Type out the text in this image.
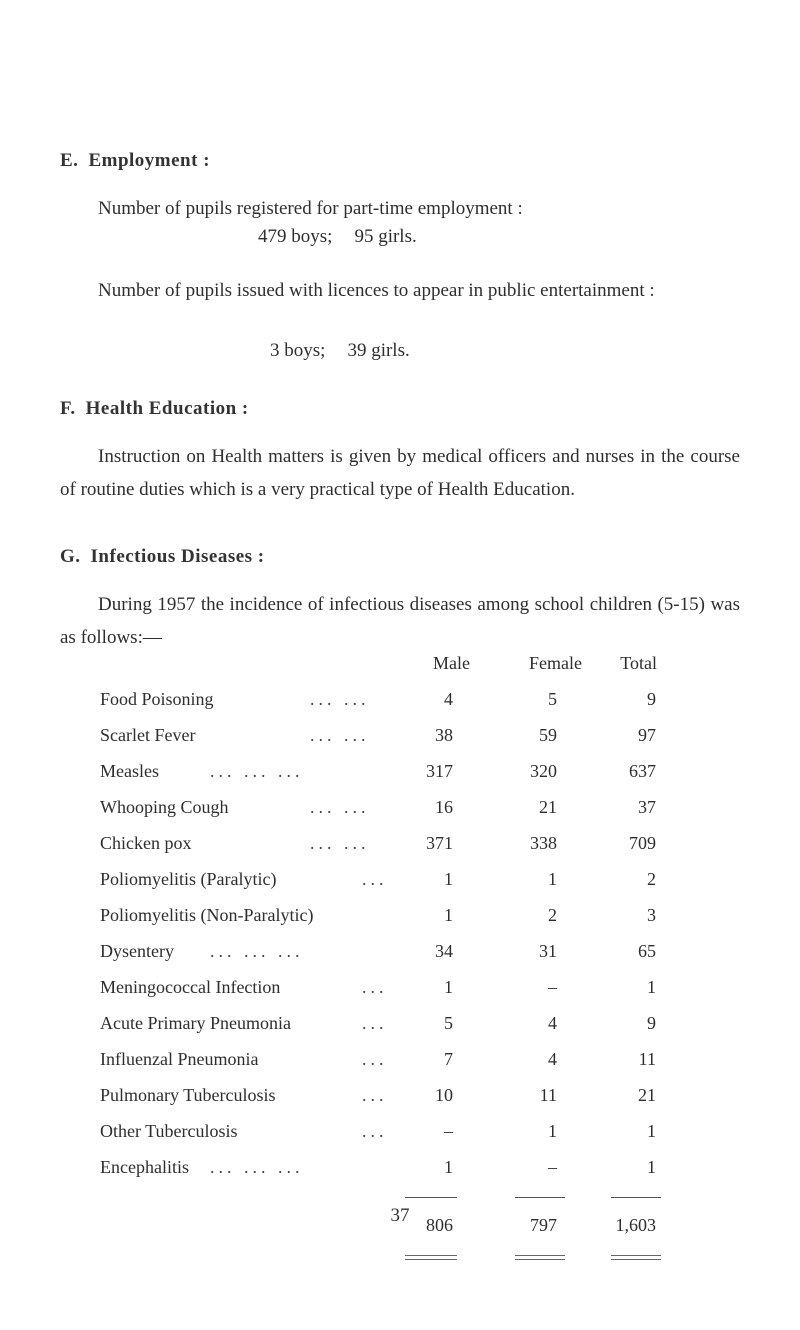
E. Employment :
Number of pupils registered for part-time employment :
479 boys; 95 girls.
Number of pupils issued with licences to appear in public entertainment :
3 boys; 39 girls.
F. Health Education :
Instruction on Health matters is given by medical officers and nurses in the course of routine duties which is a very practical type of Health Education.
G. Infectious Diseases :
During 1957 the incidence of infectious diseases among school children (5-15) was as follows:—
Male	Female Total
Food Poisoning	... ...	4	5	9
Scarlet Fever	... ...	38	59	97
Measles	... ... ...	317	320	637
Whooping Cough	... ...	16	21	37
Chicken pox	... ...	371	338	709
Poliomyelitis (Paralytic)	...	1	1	2
Poliomyelitis (Non-Paralytic)	1	2	3
Dysentery ... ... ...	34	31	65
Meningococcal Infection	...	1	–	1
Acute Primary Pneumonia	...	5	4	9
Influenzal Pneumonia	...	7	4	11
Pulmonary Tuberculosis	...	10	11	21
Other Tuberculosis	...	–	1	1
Encephalitis ... ... ...	1	–	1
806	797	1,603
37
